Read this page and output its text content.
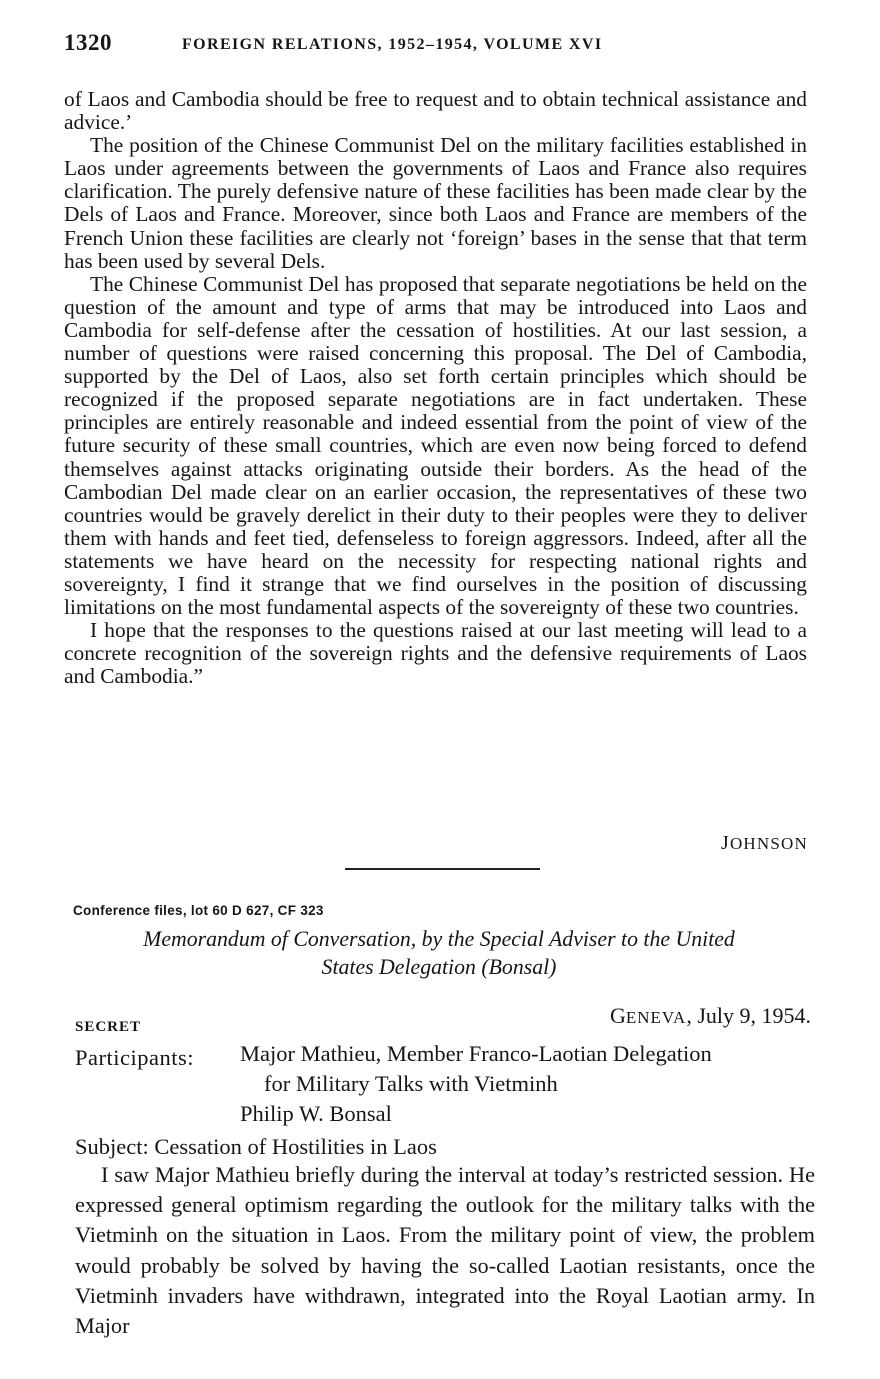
1320	FOREIGN RELATIONS, 1952–1954, VOLUME XVI

of Laos and Cambodia should be free to request and to obtain technical assistance and advice.’

The position of the Chinese Communist Del on the military facilities established in Laos under agreements between the governments of Laos and France also requires clarification. The purely defensive nature of these facilities has been made clear by the Dels of Laos and France. Moreover, since both Laos and France are members of the French Union these facilities are clearly not ‘foreign’ bases in the sense that that term has been used by several Dels.

The Chinese Communist Del has proposed that separate negotiations be held on the question of the amount and type of arms that may be introduced into Laos and Cambodia for self-defense after the cessation of hostilities. At our last session, a number of questions were raised concerning this proposal. The Del of Cambodia, supported by the Del of Laos, also set forth certain principles which should be recognized if the proposed separate negotiations are in fact undertaken. These principles are entirely reasonable and indeed essential from the point of view of the future security of these small countries, which are even now being forced to defend themselves against attacks originating outside their borders. As the head of the Cambodian Del made clear on an earlier occasion, the representatives of these two countries would be gravely derelict in their duty to their peoples were they to deliver them with hands and feet tied, defenseless to foreign aggressors. Indeed, after all the statements we have heard on the necessity for respecting national rights and sovereignty, I find it strange that we find ourselves in the position of discussing limitations on the most fundamental aspects of the sovereignty of these two countries.

I hope that the responses to the questions raised at our last meeting will lead to a concrete recognition of the sovereign rights and the defensive requirements of Laos and Cambodia.”

JOHNSON
Conference files, lot 60 D 627, CF 323
Memorandum of Conversation, by the Special Adviser to the United
States Delegation (Bonsal)
SECRET	GENEVA, July 9, 1954.
Participants: Major Mathieu, Member Franco-Laotian Delegation
for Military Talks with Vietminh

Philip W. Bonsal

Subject: Cessation of Hostilities in Laos

I saw Major Mathieu briefly during the interval at today’s restricted session. He expressed general optimism regarding the outlook for the military talks with the Vietminh on the situation in Laos. From the military point of view, the problem would probably be solved by having the so-called Laotian resistants, once the Vietminh invaders have withdrawn, integrated into the Royal Laotian army. In Major
